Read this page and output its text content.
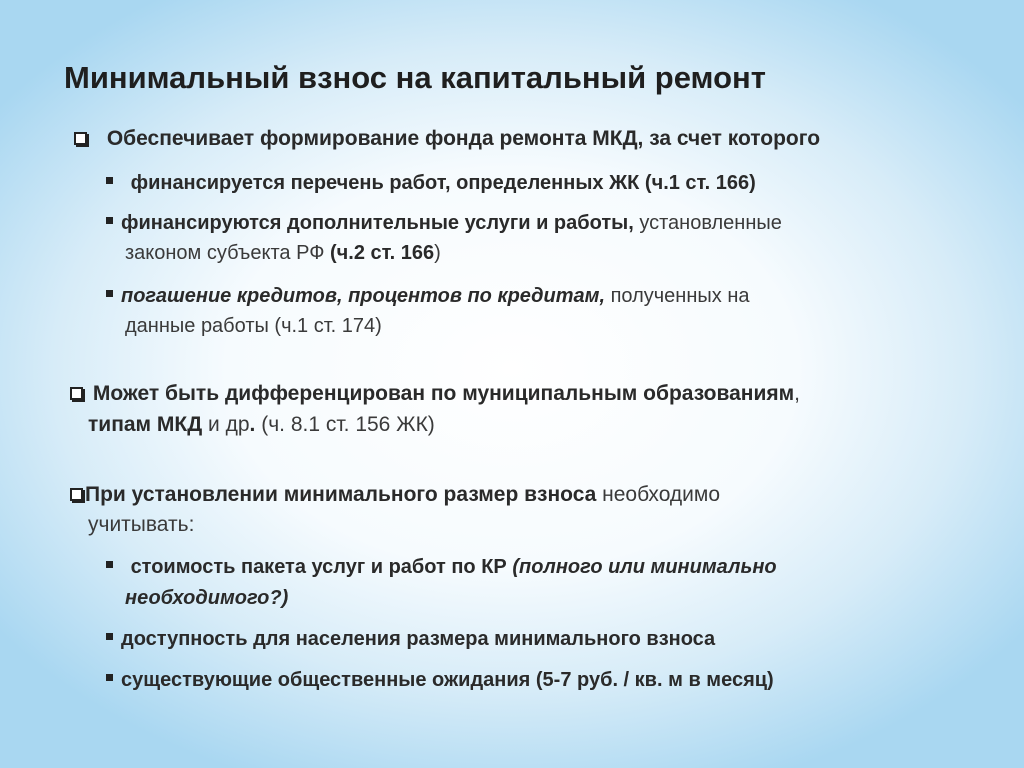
Минимальный взнос на капитальный ремонт
Обеспечивает формирование фонда ремонта МКД, за счет которого
финансируется перечень работ, определенных ЖК (ч.1 ст. 166)
финансируются дополнительные услуги и работы, установленные
законом субъекта РФ (ч.2 ст. 166)
погашение кредитов, процентов по кредитам, полученных на
данные работы (ч.1 ст. 174)
Может быть дифференцирован по муниципальным образованиям,
типам МКД и др. (ч. 8.1 ст. 156 ЖК)
При установлении минимального размер взноса необходимо
учитывать:
стоимость пакета услуг и работ по КР (полного или минимально
необходимого?)
доступность для населения размера минимального взноса
существующие общественные ожидания (5-7 руб. / кв. м в месяц)
